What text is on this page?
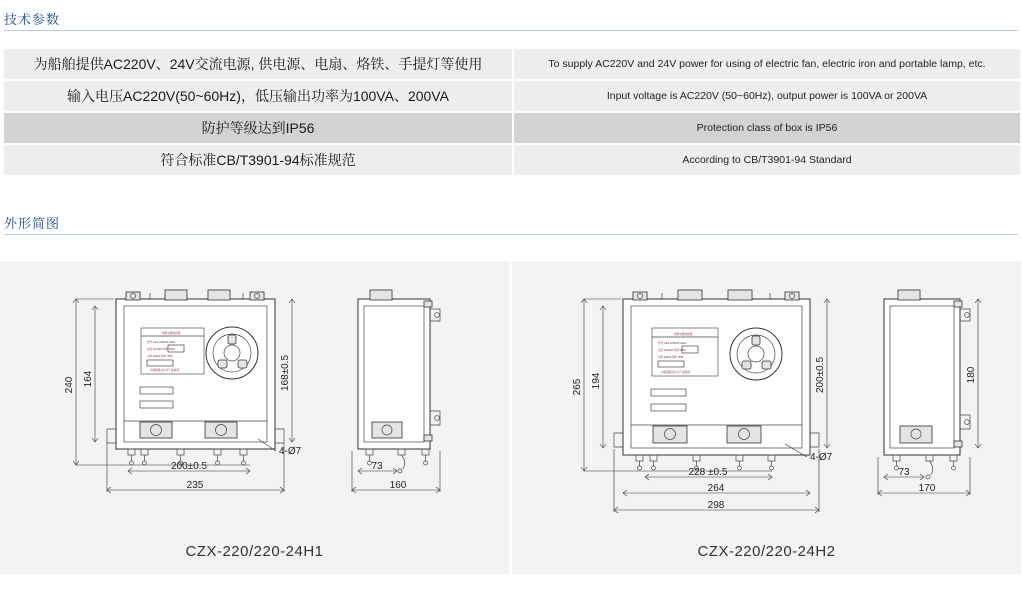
技术参数
为船舶提供AC220V、24V交流电源, 供电源、电扇、烙铁、手提灯等使用
输入电压AC220V(50~60Hz)，低压输出功率为100VA、200VA
防护等级达到IP56
符合标准CB/T3901-94标准规范
To supply AC220V and 24V power for using of electric fan, electric iron and portable lamp, etc.
Input voltage is AC220V (50~60Hz), output power is 100VA or 200VA
Protection class of box is IP56
According to CB/T3901-94 Standard
外形简图
船用电源插座箱
型号 CZX-220/220-24H1
电压 AC220V 频率 50Hz
功率 200VA 防护 IP56
中国船级社认可产品制造厂
240 164	168±0.5
4-Ø7
200±0.5
235
73
160
CZX-220/220-24H1
船用电源插座箱
型号 CZX-220/220-24H2
电压 AC220V 频率 50Hz
功率 200VA 防护 IP56
中国船级社认可产品制造厂
265 194	200±0.5
4-Ø7
228 ±0.5
264
298
180
73
170
CZX-220/220-24H2
